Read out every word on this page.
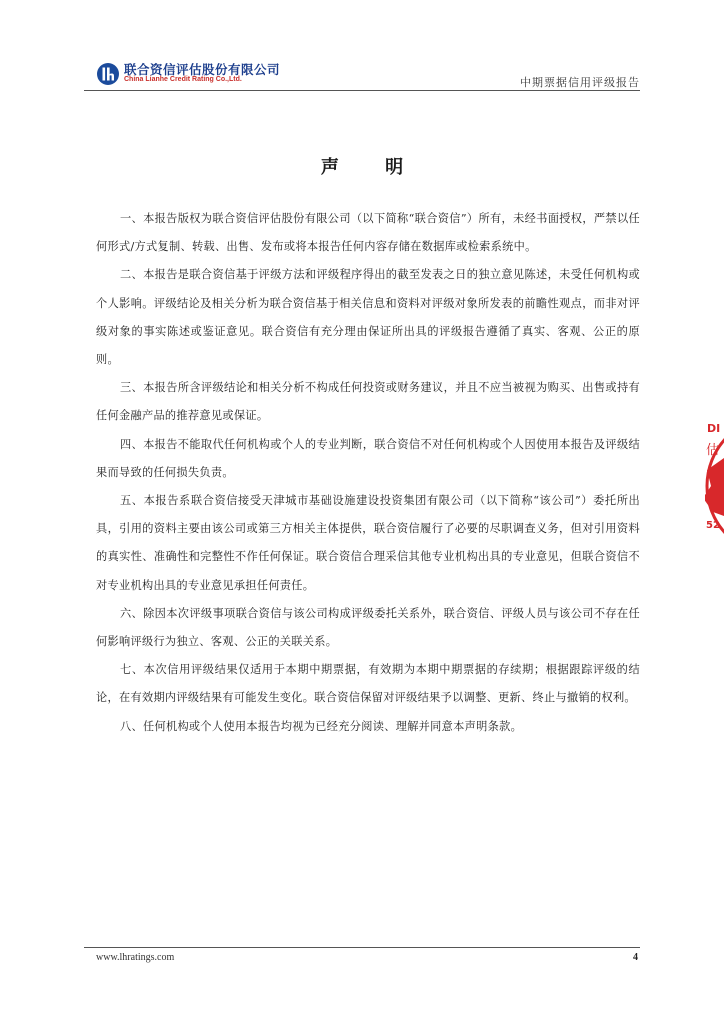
联合资信评估股份有限公司
China Lianhe Credit Rating Co.,Ltd.	中期票据信用评级报告
声 明

一、本报告版权为联合资信评估股份有限公司（以下简称“联合资信”）所有，未经书面授权，严禁以任何形式/方式复制、转载、出售、发布或将本报告任何内容存储在数据库或检索系统中。

二、本报告是联合资信基于评级方法和评级程序得出的截至发表之日的独立意见陈述，未受任何机构或个人影响。评级结论及相关分析为联合资信基于相关信息和资料对评级对象所发表的前瞻性观点，而非对评级对象的事实陈述或鉴证意见。联合资信有充分理由保证所出具的评级报告遵循了真实、客观、公正的原则。

三、本报告所含评级结论和相关分析不构成任何投资或财务建议，并且不应当被视为购买、出售或持有任何金融产品的推荐意见或保证。

四、本报告不能取代任何机构或个人的专业判断，联合资信不对任何机构或个人因使用本报告及评级结果而导致的任何损失负责。

五、本报告系联合资信接受天津城市基础设施建设投资集团有限公司（以下简称“该公司”）委托所出具，引用的资料主要由该公司或第三方相关主体提供，联合资信履行了必要的尽职调查义务，但对引用资料的真实性、准确性和完整性不作任何保证。联合资信合理采信其他专业机构出具的专业意见，但联合资信不对专业机构出具的专业意见承担任何责任。

六、除因本次评级事项联合资信与该公司构成评级委托关系外，联合资信、评级人员与该公司不存在任何影响评级行为独立、客观、公正的关联关系。

七、本次信用评级结果仅适用于本期中期票据，有效期为本期中期票据的存续期；根据跟踪评级的结论，在有效期内评级结果有可能发生变化。联合资信保留对评级结果予以调整、更新、终止与撤销的权利。

八、任何机构或个人使用本报告均视为已经充分阅读、理解并同意本声明条款。

DI
估
52
www.lhratings.com	4
